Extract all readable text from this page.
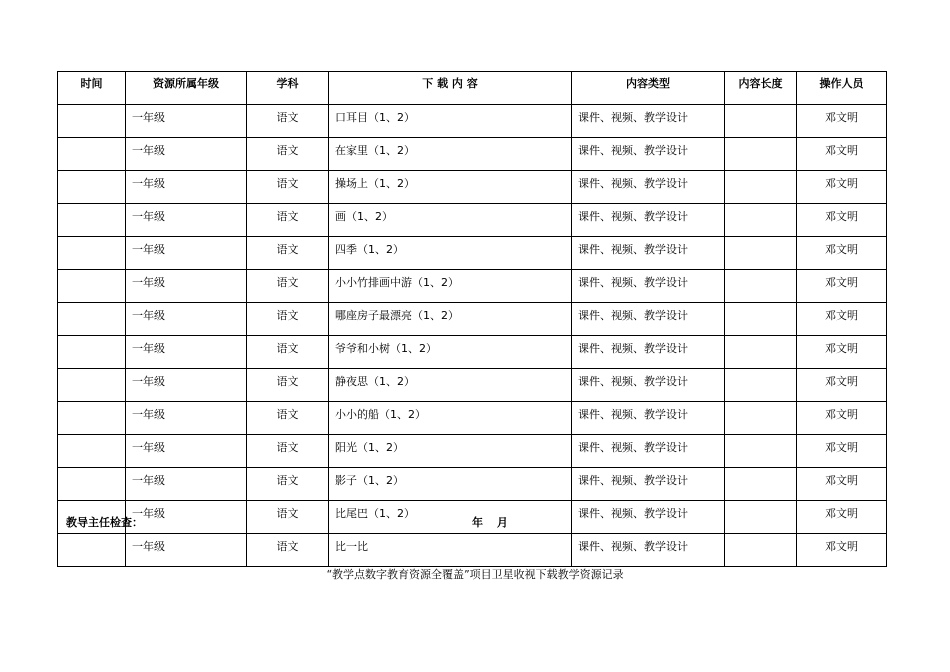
时间	资源所属年级	学科	下 载 内 容	内容类型	内容长度	操作人员
	一年级	语文	口耳目（1、2）	课件、视频、教学设计		邓文明
	一年级	语文	在家里（1、2）	课件、视频、教学设计		邓文明
	一年级	语文	操场上（1、2）	课件、视频、教学设计		邓文明
	一年级	语文	画（1、2）	课件、视频、教学设计		邓文明
	一年级	语文	四季（1、2）	课件、视频、教学设计		邓文明
	一年级	语文	小小竹排画中游（1、2）	课件、视频、教学设计		邓文明
	一年级	语文	哪座房子最漂亮（1、2）	课件、视频、教学设计		邓文明
	一年级	语文	爷爷和小树（1、2）	课件、视频、教学设计		邓文明
	一年级	语文	静夜思（1、2）	课件、视频、教学设计		邓文明
	一年级	语文	小小的船（1、2）	课件、视频、教学设计		邓文明
	一年级	语文	阳光（1、2）	课件、视频、教学设计		邓文明
	一年级	语文	影子（1、2）	课件、视频、教学设计		邓文明
	一年级	语文	比尾巴（1、2）	课件、视频、教学设计		邓文明
	一年级	语文	比一比	课件、视频、教学设计		邓文明
教导主任检查：	年 月
“教学点数字教育资源全覆盖”项目卫星收视下载教学资源记录
